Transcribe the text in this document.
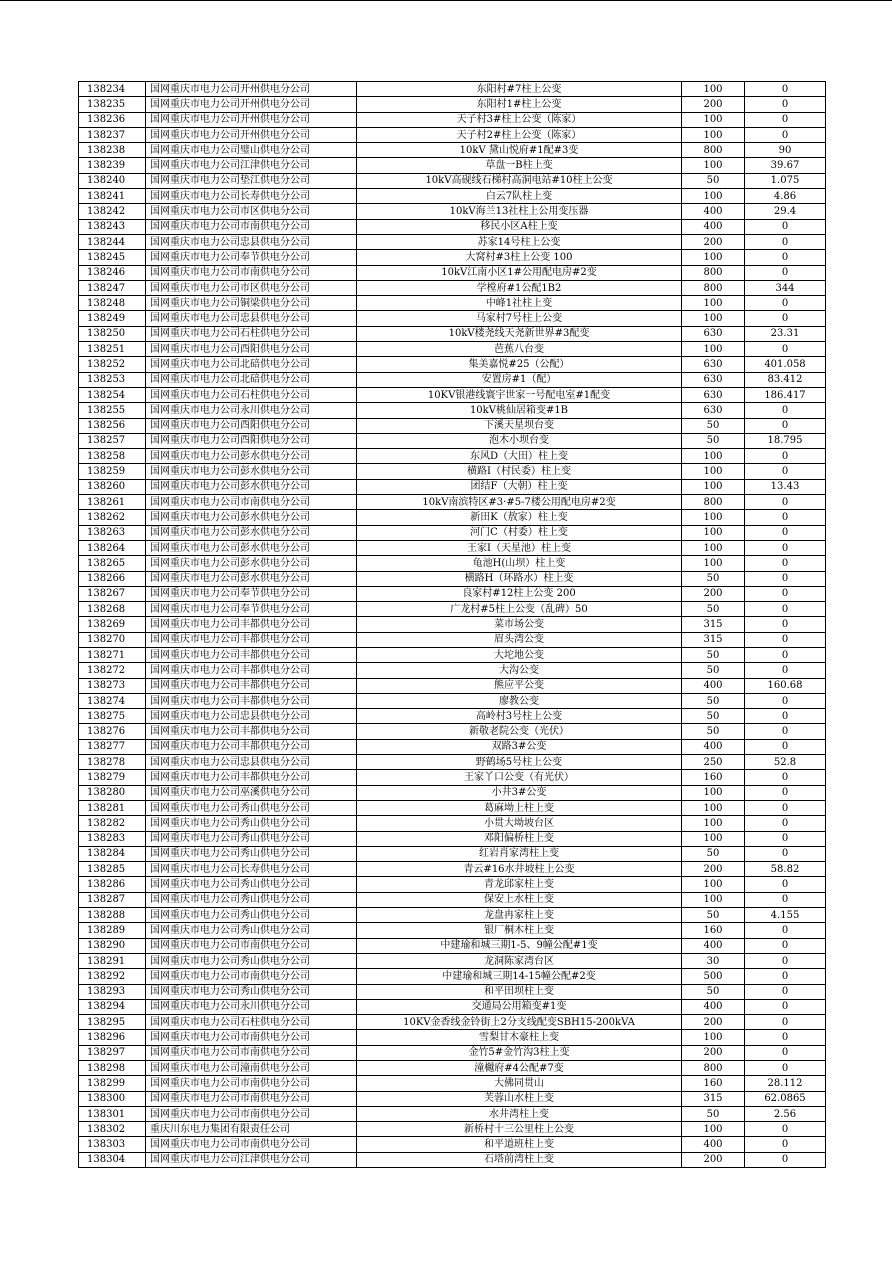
138234	国网重庆市电力公司开州供电分公司	东阳村#7柱上公变	100	0
138235	国网重庆市电力公司开州供电分公司	东阳村1#柱上公变	200	0
138236	国网重庆市电力公司开州供电分公司	天子村3#柱上公变（陈家）	100	0
138237	国网重庆市电力公司开州供电分公司	天子村2#柱上公变（陈家）	100	0
138238	国网重庆市电力公司璧山供电分公司	10kV 黛山悦府#1配#3变	800	90
138239	国网重庆市电力公司江津供电分公司	草盘一B柱上变	100	39.67
138240	国网重庆市电力公司垫江供电分公司	10kV高砚线石梯村高洞电站#10柱上公变	50	1.075
138241	国网重庆市电力公司长寿供电分公司	白云7队柱上变	100	4.86
138242	国网重庆市电力公司市区供电分公司	10kV海兰13社柱上公用变压器	400	29.4
138243	国网重庆市电力公司市南供电分公司	移民小区A柱上变	400	0
138244	国网重庆市电力公司忠县供电分公司	苏家14号柱上公变	200	0
138245	国网重庆市电力公司奉节供电分公司	大窝村#3柱上公变 100	100	0
138246	国网重庆市电力公司市南供电分公司	10kV江南小区1#公用配电房#2变	800	0
138247	国网重庆市电力公司市区供电分公司	学樘府#1公配1B2	800	344
138248	国网重庆市电力公司铜梁供电分公司	中峰1社柱上变	100	0
138249	国网重庆市电力公司忠县供电分公司	马家村7号柱上公变	100	0
138250	国网重庆市电力公司石柱供电分公司	10kV楼尧线天尧新世界#3配变	630	23.31
138251	国网重庆市电力公司酉阳供电分公司	芭蕉八台变	100	0
138252	国网重庆市电力公司北碚供电分公司	集美嘉悦#25（公配）	630	401.058
138253	国网重庆市电力公司北碚供电分公司	安置房#1（配）	630	83.412
138254	国网重庆市电力公司石柱供电分公司	10KV银港线寰宇世家一号配电室#1配变	630	186.417
138255	国网重庆市电力公司永川供电分公司	10kV桃仙居箱变#1B	630	0
138256	国网重庆市电力公司酉阳供电分公司	下溪天星坝台变	50	0
138257	国网重庆市电力公司酉阳供电分公司	泡木小坝台变	50	18.795
138258	国网重庆市电力公司彭水供电分公司	东风D（大田）柱上变	100	0
138259	国网重庆市电力公司彭水供电分公司	横路I（村民委）柱上变	100	0
138260	国网重庆市电力公司彭水供电分公司	团结F（大朝）柱上变	100	13.43
138261	国网重庆市电力公司市南供电分公司	10kV南滨特区#3·#5-7楼公用配电房#2变	800	0
138262	国网重庆市电力公司彭水供电分公司	新田K（敖家）柱上变	100	0
138263	国网重庆市电力公司彭水供电分公司	河门C（村委）柱上变	100	0
138264	国网重庆市电力公司彭水供电分公司	王家I（天星池）柱上变	100	0
138265	国网重庆市电力公司彭水供电分公司	龟池H(山坝）柱上变	100	0
138266	国网重庆市电力公司彭水供电分公司	横路H（环路水）柱上变	50	0
138267	国网重庆市电力公司奉节供电分公司	良家村#12柱上公变 200	200	0
138268	国网重庆市电力公司奉节供电分公司	广龙村#5柱上公变（乱碑）50	50	0
138269	国网重庆市电力公司丰都供电分公司	菜市场公变	315	0
138270	国网重庆市电力公司丰都供电分公司	眉头湾公变	315	0
138271	国网重庆市电力公司丰都供电分公司	大坨地公变	50	0
138272	国网重庆市电力公司丰都供电分公司	大沟公变	50	0
138273	国网重庆市电力公司丰都供电分公司	熊应平公变	400	160.68
138274	国网重庆市电力公司丰都供电分公司	廖教公变	50	0
138275	国网重庆市电力公司忠县供电分公司	高岭村3号柱上公变	50	0
138276	国网重庆市电力公司丰都供电分公司	新敬老院公变（光伏）	50	0
138277	国网重庆市电力公司丰都供电分公司	双路3#公变	400	0
138278	国网重庆市电力公司忠县供电分公司	野鹤场5号柱上公变	250	52.8
138279	国网重庆市电力公司丰都供电分公司	王家丫口公变（有光伏）	160	0
138280	国网重庆市电力公司巫溪供电分公司	小井3#公变	100	0
138281	国网重庆市电力公司秀山供电分公司	葛麻坳上柱上变	100	0
138282	国网重庆市电力公司秀山供电分公司	小贯大坳坡台区	100	0
138283	国网重庆市电力公司秀山供电分公司	邓阳偏桥柱上变	100	0
138284	国网重庆市电力公司秀山供电分公司	红岩肖家湾柱上变	50	0
138285	国网重庆市电力公司长寿供电分公司	青云#16水井坡柱上公变	200	58.82
138286	国网重庆市电力公司秀山供电分公司	青龙邱家柱上变	100	0
138287	国网重庆市电力公司秀山供电分公司	保安上水柱上变	100	0
138288	国网重庆市电力公司秀山供电分公司	龙盘冉家柱上变	50	4.155
138289	国网重庆市电力公司秀山供电分公司	银厂桐木柱上变	160	0
138290	国网重庆市电力公司市南供电分公司	中建瑜和城三期1-5、9幢公配#1变	400	0
138291	国网重庆市电力公司秀山供电分公司	龙洞陈家湾台区	30	0
138292	国网重庆市电力公司市南供电分公司	中建瑜和城三期14-15幢公配#2变	500	0
138293	国网重庆市电力公司秀山供电分公司	和平田坝柱上变	50	0
138294	国网重庆市电力公司永川供电分公司	交通局公用箱变#1变	400	0
138295	国网重庆市电力公司石柱供电分公司	10KV金香线金铃街上2分支线配变SBH15-200kVA	200	0
138296	国网重庆市电力公司市南供电分公司	雪梨甘木豪柱上变	100	0
138297	国网重庆市电力公司市南供电分公司	金竹5#金竹沟3柱上变	200	0
138298	国网重庆市电力公司潼南供电分公司	潼樾府#4公配#7变	800	0
138299	国网重庆市电力公司市南供电分公司	大佛同贯山	160	28.112
138300	国网重庆市电力公司市南供电分公司	芙蓉山水柱上变	315	62.0865
138301	国网重庆市电力公司市南供电分公司	水井湾柱上变	50	2.56
138302	重庆川东电力集团有限责任公司	新桥村十三公里柱上公变	100	0
138303	国网重庆市电力公司市南供电分公司	和平道班柱上变	400	0
138304	国网重庆市电力公司江津供电分公司	石塔前湾柱上变	200	0
